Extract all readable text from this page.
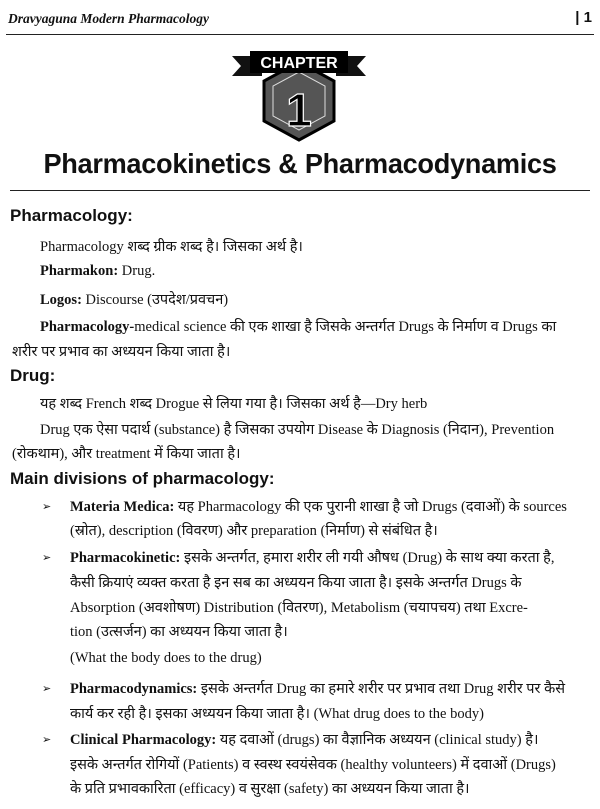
Dravyaguna Modern Pharmacology	| 1
CHAPTER
1
Pharmacokinetics & Pharmacodynamics
Pharmacology:
Pharmacology शब्द ग्रीक शब्द है। जिसका अर्थ है।
Pharmakon: Drug.
Logos: Discourse (उपदेश/प्रवचन)
Pharmacology-medical science की एक शाखा है जिसके अन्तर्गत Drugs के निर्माण व Drugs का
शरीर पर प्रभाव का अध्ययन किया जाता है।
Drug:
यह शब्द French शब्द Drogue से लिया गया है। जिसका अर्थ है—Dry herb
Drug एक ऐसा पदार्थ (substance) है जिसका उपयोग Disease के Diagnosis (निदान), Prevention
(रोकथाम), और treatment में किया जाता है।
Main divisions of pharmacology:
➢ Materia Medica: यह Pharmacology की एक पुरानी शाखा है जो Drugs (दवाओं) के sources
(स्रोत), description (विवरण) और preparation (निर्माण) से संबंधित है।
➢ Pharmacokinetic: इसके अन्तर्गत, हमारा शरीर ली गयी औषध (Drug) के साथ क्या करता है,
कैसी क्रियाएं व्यक्त करता है इन सब का अध्ययन किया जाता है। इसके अन्तर्गत Drugs के
Absorption (अवशोषण) Distribution (वितरण), Metabolism (चयापचय) तथा Excre-
tion (उत्सर्जन) का अध्ययन किया जाता है।
(What the body does to the drug)
➢ Pharmacodynamics: इसके अन्तर्गत Drug का हमारे शरीर पर प्रभाव तथा Drug शरीर पर कैसे
कार्य कर रही है। इसका अध्ययन किया जाता है। (What drug does to the body)
➢ Clinical Pharmacology: यह दवाओं (drugs) का वैज्ञानिक अध्ययन (clinical study) है।
इसके अन्तर्गत रोगियों (Patients) व स्वस्थ स्वयंसेवक (healthy volunteers) में दवाओं (Drugs)
के प्रति प्रभावकारिता (efficacy) व सुरक्षा (safety) का अध्ययन किया जाता है।
